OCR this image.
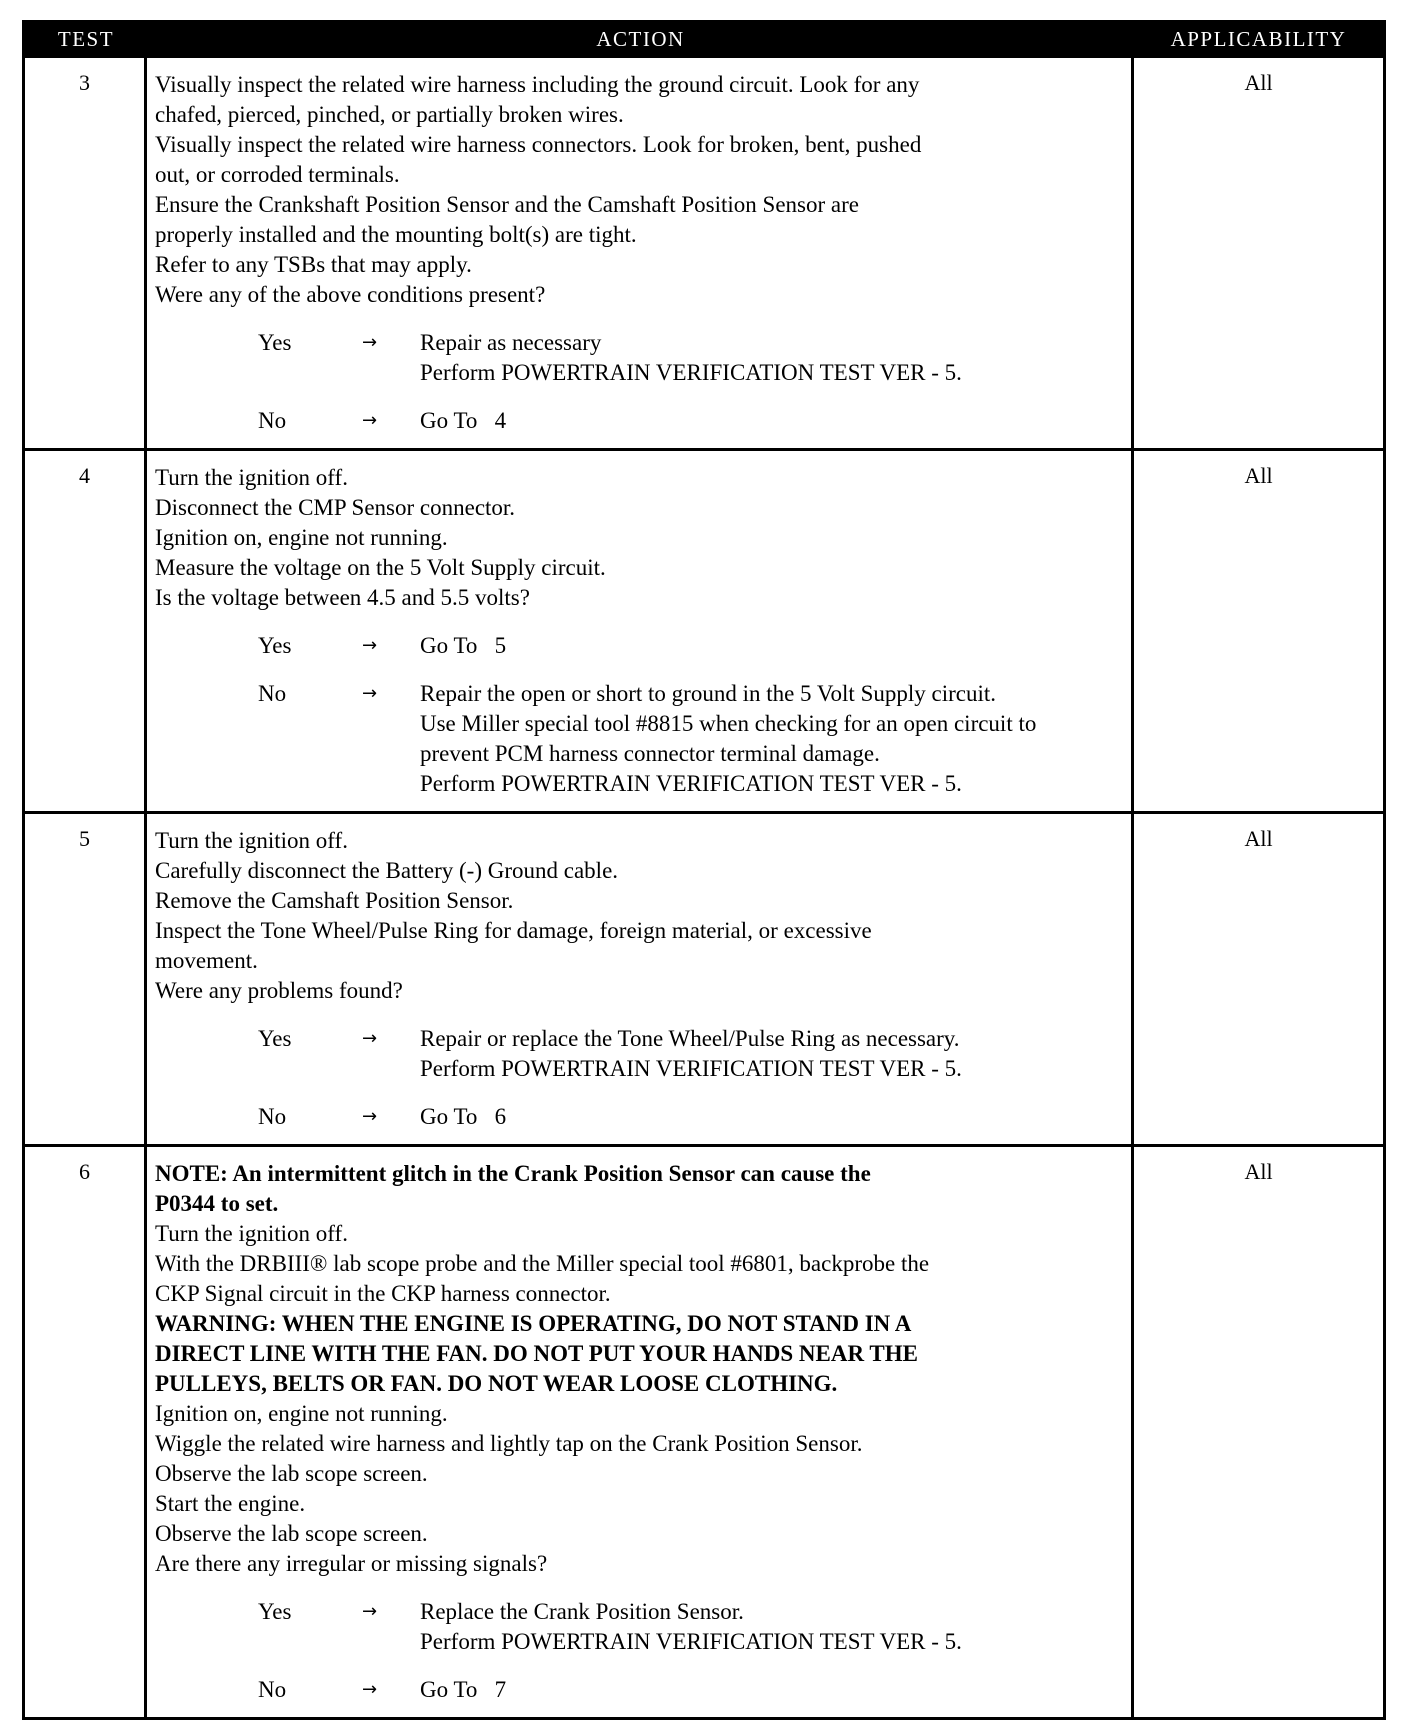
TEST	ACTION	APPLICABILITY
3	Visually inspect the related wire harness including the ground circuit. Look for any
chafed, pierced, pinched, or partially broken wires.
Visually inspect the related wire harness connectors. Look for broken, bent, pushed
out, or corroded terminals.
Ensure the Crankshaft Position Sensor and the Camshaft Position Sensor are
properly installed and the mounting bolt(s) are tight.
Refer to any TSBs that may apply.
Were any of the above conditions present?
Yes	→	Repair as necessary
Perform POWERTRAIN VERIFICATION TEST VER - 5.
No	→	Go To   4
All
4	Turn the ignition off.
Disconnect the CMP Sensor connector.
Ignition on, engine not running.
Measure the voltage on the 5 Volt Supply circuit.
Is the voltage between 4.5 and 5.5 volts?
Yes	→	Go To   5
No	→	Repair the open or short to ground in the 5 Volt Supply circuit.
Use Miller special tool #8815 when checking for an open circuit to
prevent PCM harness connector terminal damage.
Perform POWERTRAIN VERIFICATION TEST VER - 5.
All
5	Turn the ignition off.
Carefully disconnect the Battery (-) Ground cable.
Remove the Camshaft Position Sensor.
Inspect the Tone Wheel/Pulse Ring for damage, foreign material, or excessive
movement.
Were any problems found?
Yes	→	Repair or replace the Tone Wheel/Pulse Ring as necessary.
Perform POWERTRAIN VERIFICATION TEST VER - 5.
No	→	Go To   6
All
6	NOTE: An intermittent glitch in the Crank Position Sensor can cause the
P0344 to set.
Turn the ignition off.
With the DRBIII® lab scope probe and the Miller special tool #6801, backprobe the
CKP Signal circuit in the CKP harness connector.
WARNING: WHEN THE ENGINE IS OPERATING, DO NOT STAND IN A
DIRECT LINE WITH THE FAN. DO NOT PUT YOUR HANDS NEAR THE
PULLEYS, BELTS OR FAN. DO NOT WEAR LOOSE CLOTHING.
Ignition on, engine not running.
Wiggle the related wire harness and lightly tap on the Crank Position Sensor.
Observe the lab scope screen.
Start the engine.
Observe the lab scope screen.
Are there any irregular or missing signals?
Yes	→	Replace the Crank Position Sensor.
Perform POWERTRAIN VERIFICATION TEST VER - 5.
No	→	Go To   7
All
